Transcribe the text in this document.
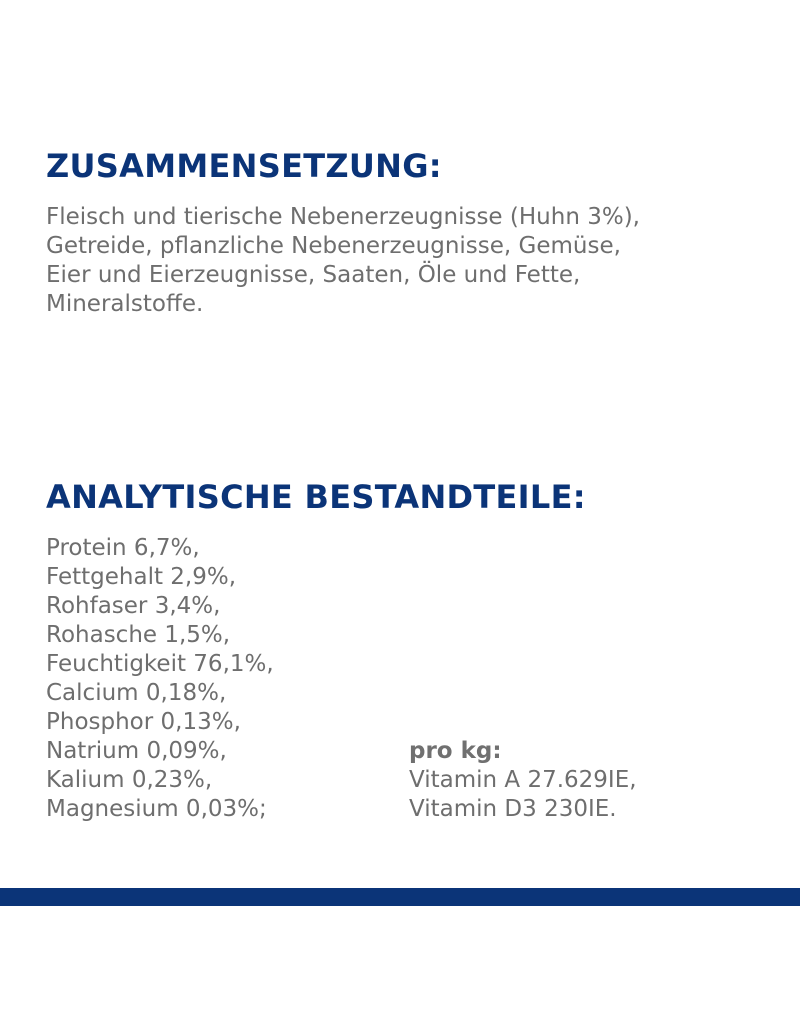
ZUSAMMENSETZUNG:

Fleisch und tierische Nebenerzeugnisse (Huhn 3%),
Getreide, pflanzliche Nebenerzeugnisse, Gemüse,
Eier und Eierzeugnisse, Saaten, Öle und Fette,
Mineralstoffe.

ANALYTISCHE BESTANDTEILE:
Protein 6,7%,
Fettgehalt 2,9%,
Rohfaser 3,4%,
Rohasche 1,5%,
Feuchtigkeit 76,1%,
Calcium 0,18%,
Phosphor 0,13%,
Natrium 0,09%,
Kalium 0,23%,
Magnesium 0,03%;
pro kg:
Vitamin A 27.629IE,
Vitamin D3 230IE.
